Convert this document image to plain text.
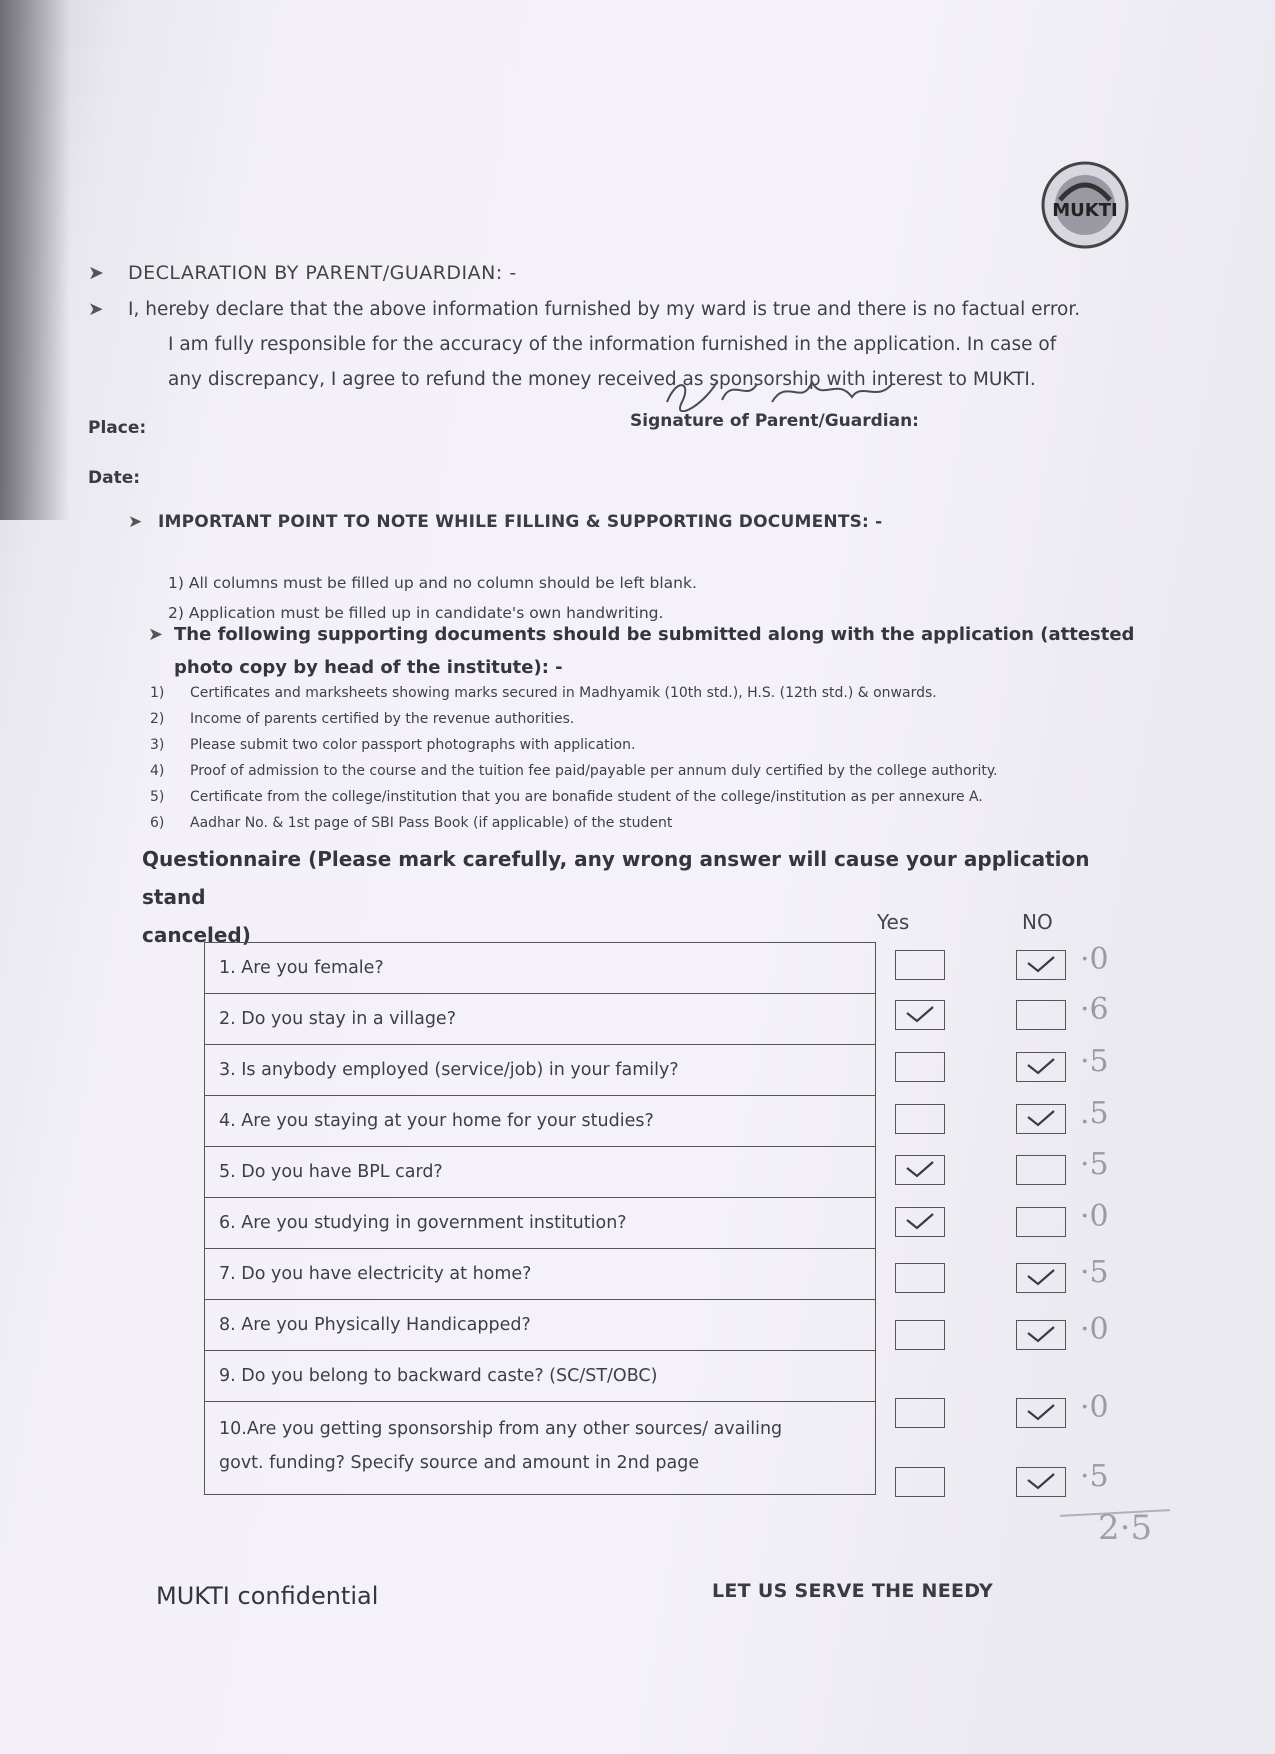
MUKTI
➤ DECLARATION BY PARENT/GUARDIAN: -
➤ I, hereby declare that the above information furnished by my ward is true and there is no factual error.
I am fully responsible for the accuracy of the information furnished in the application. In case of
any discrepancy, I agree to refund the money received as sponsorship with interest to MUKTI.
Place:
Date:
Signature of Parent/Guardian:
➤ IMPORTANT POINT TO NOTE WHILE FILLING & SUPPORTING DOCUMENTS: -
1) All columns must be filled up and no column should be left blank.
2) Application must be filled up in candidate's own handwriting.
➤ The following supporting documents should be submitted along with the application (attested
photo copy by head of the institute): -
1) Certificates and marksheets showing marks secured in Madhyamik (10th std.), H.S. (12th std.) & onwards.
2) Income of parents certified by the revenue authorities.
3) Please submit two color passport photographs with application.
4) Proof of admission to the course and the tuition fee paid/payable per annum duly certified by the college authority.
5) Certificate from the college/institution that you are bonafide student of the college/institution as per annexure A.
6) Aadhar No. & 1st page of SBI Pass Book (if applicable) of the student
Questionnaire (Please mark carefully, any wrong answer will cause your application stand
canceled)
Yes	NO
1. Are you female?
2. Do you stay in a village?
3. Is anybody employed (service/job) in your family?
4. Are you staying at your home for your studies?
5. Do you have BPL card?
6. Are you studying in government institution?
7. Do you have electricity at home?
8. Are you Physically Handicapped?
9. Do you belong to backward caste? (SC/ST/OBC)
10.Are you getting sponsorship from any other sources/ availing
govt. funding? Specify source and amount in 2nd page
·0
·6
·5
.5
·5
·0
·5
·0
·0
·5
2·5
MUKTI confidential	LET US SERVE THE NEEDY
